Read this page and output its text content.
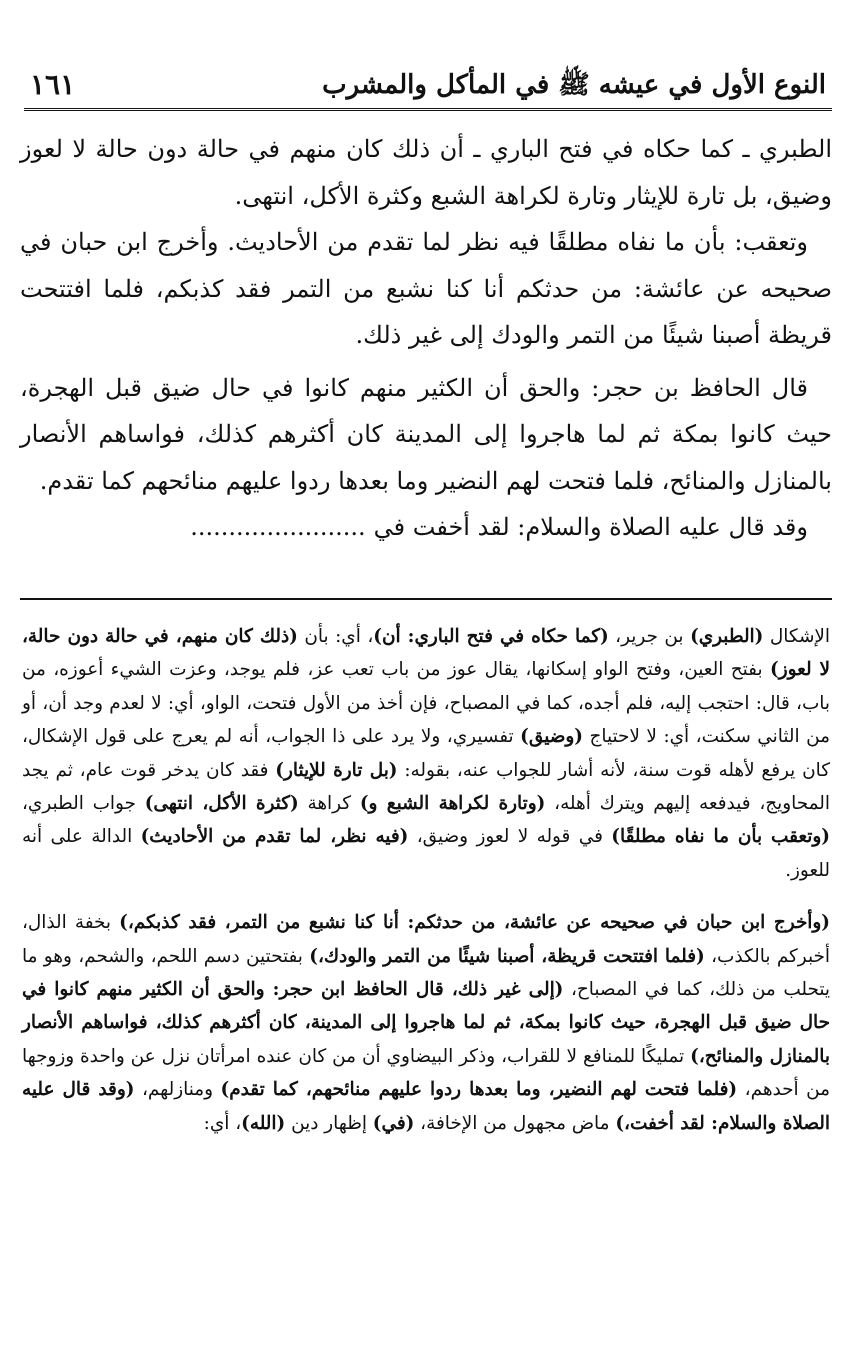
النوع الأول في عيشه ﷺ في المأكل والمشرب
١٦١

الطبري ـ كما حكاه في فتح الباري ـ أن ذلك كان منهم في حالة دون حالة لا لعوز وضيق، بل تارة للإيثار وتارة لكراهة الشبع وكثرة الأكل، انتهى.

وتعقب: بأن ما نفاه مطلقًا فيه نظر لما تقدم من الأحاديث. وأخرج ابن حبان في صحيحه عن عائشة: من حدثكم أنا كنا نشبع من التمر فقد كذبكم، فلما افتتحت قريظة أصبنا شيئًا من التمر والودك إلى غير ذلك.

قال الحافظ بن حجر: والحق أن الكثير منهم كانوا في حال ضيق قبل الهجرة، حيث كانوا بمكة ثم لما هاجروا إلى المدينة كان أكثرهم كذلك، فواساهم الأنصار بالمنازل والمنائح، فلما فتحت لهم النضير وما بعدها ردوا عليهم منائحهم كما تقدم.

وقد قال عليه الصلاة والسلام: لقد أخفت في.......................

الإشكال (الطبري) بن جرير، (كما حكاه في فتح الباري: أن)، أي: بأن (ذلك كان منهم، في حالة دون حالة، لا لعوز) بفتح العين، وفتح الواو إسكانها، يقال عوز من باب تعب عز، فلم يوجد، وعزت الشيء أعوزه، من باب، قال: احتجب إليه، فلم أجده، كما في المصباح، فإن أخذ من الأول فتحت، الواو، أي: لا لعدم وجد أن، أو من الثاني سكنت، أي: لا لاحتياج (وضيق) تفسيري، ولا يرد على ذا الجواب، أنه لم يعرج على قول الإشكال، كان يرفع لأهله قوت سنة، لأنه أشار للجواب عنه، بقوله: (بل تارة للإيثار) فقد كان يدخر قوت عام، ثم يجد المحاويج، فيدفعه إليهم ويترك أهله، (وتارة لكراهة الشبع و) كراهة (كثرة الأكل، انتهى) جواب الطبري، (وتعقب بأن ما نفاه مطلقًا) في قوله لا لعوز وضيق، (فيه نظر، لما تقدم من الأحاديث) الدالة على أنه للعوز.

(وأخرج ابن حبان في صحيحه عن عائشة، من حدثكم: أنا كنا نشبع من التمر، فقد كذبكم،) بخفة الذال، أخبركم بالكذب، (فلما افتتحت قريظة، أصبنا شيئًا من التمر والودك،) بفتحتين دسم اللحم، والشحم، وهو ما يتحلب من ذلك، كما في المصباح، (إلى غير ذلك، قال الحافظ ابن حجر: والحق أن الكثير منهم كانوا في حال ضيق قبل الهجرة، حيث كانوا بمكة، ثم لما هاجروا إلى المدينة، كان أكثرهم كذلك، فواساهم الأنصار بالمنازل والمنائح،) تمليكًا للمنافع لا للقراب، وذكر البيضاوي أن من كان عنده امرأتان نزل عن واحدة وزوجها من أحدهم، (فلما فتحت لهم النضير، وما بعدها ردوا عليهم منائحهم، كما تقدم) ومنازلهم، (وقد قال عليه الصلاة والسلام: لقد أخفت،) ماض مجهول من الإخافة، (في) إظهار دين (الله)، أي:
